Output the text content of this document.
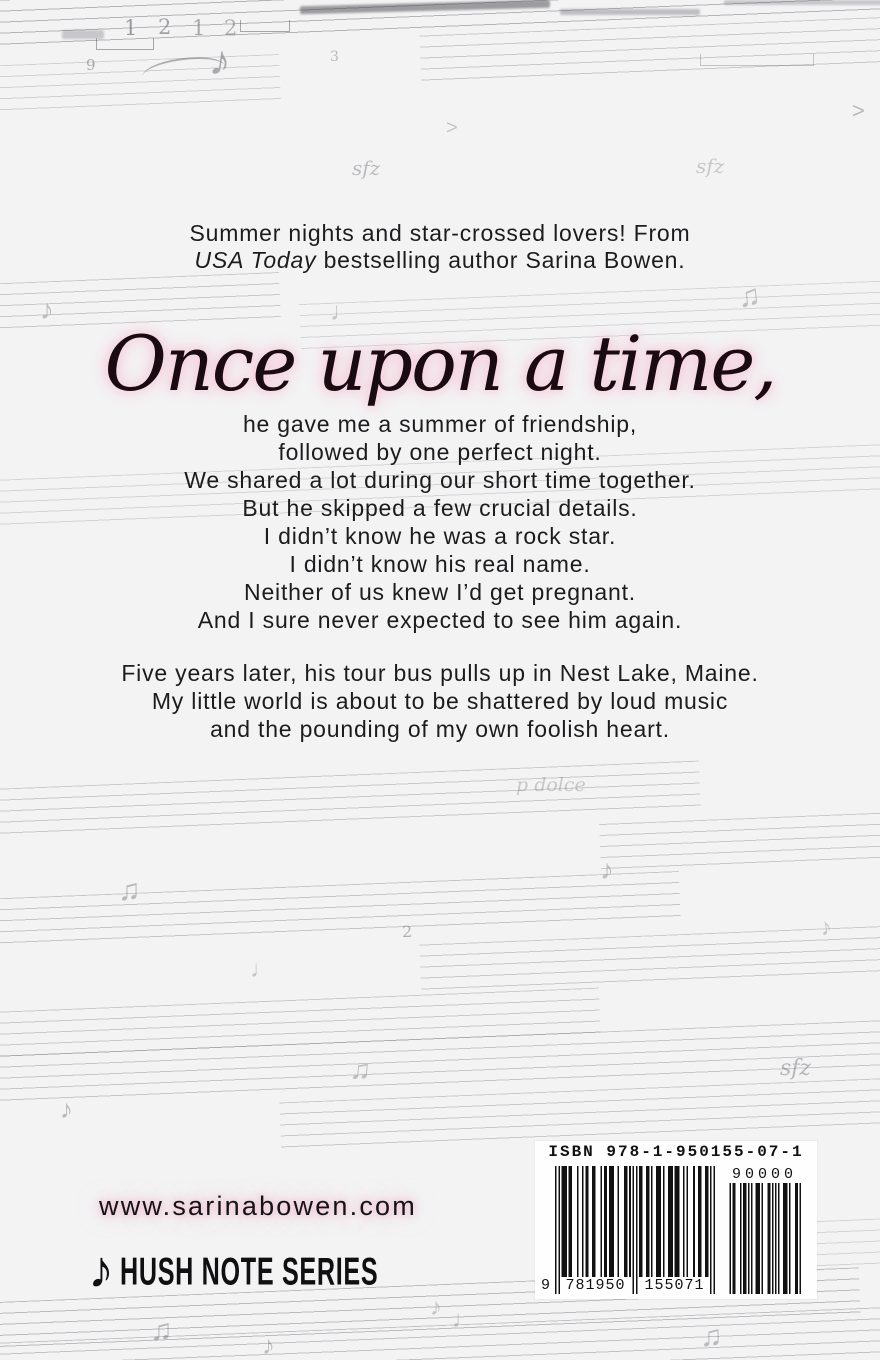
1 2 1 2
9	♪	3
>
>
sfz	sfz
♫
♪	♩
p dolce
♫
♪
♪
2
♩
♫	sfz
♪
♫	♪
♩
♫
♪
Summer nights and star-crossed lovers! From
USA Today bestselling author Sarina Bowen.
Once upon a time,
he gave me a summer of friendship,
followed by one perfect night.
We shared a lot during our short time together.
But he skipped a few crucial details.
I didn’t know he was a rock star.
I didn’t know his real name.
Neither of us knew I’d get pregnant.
And I sure never expected to see him again.
Five years later, his tour bus pulls up in Nest Lake, Maine.
My little world is about to be shattered by loud music
and the pounding of my own foolish heart.
www.sarinabowen.com
♪ HUSH NOTE SERIES
ISBN 978-1-950155-07-1
9 781950	155071
90000
